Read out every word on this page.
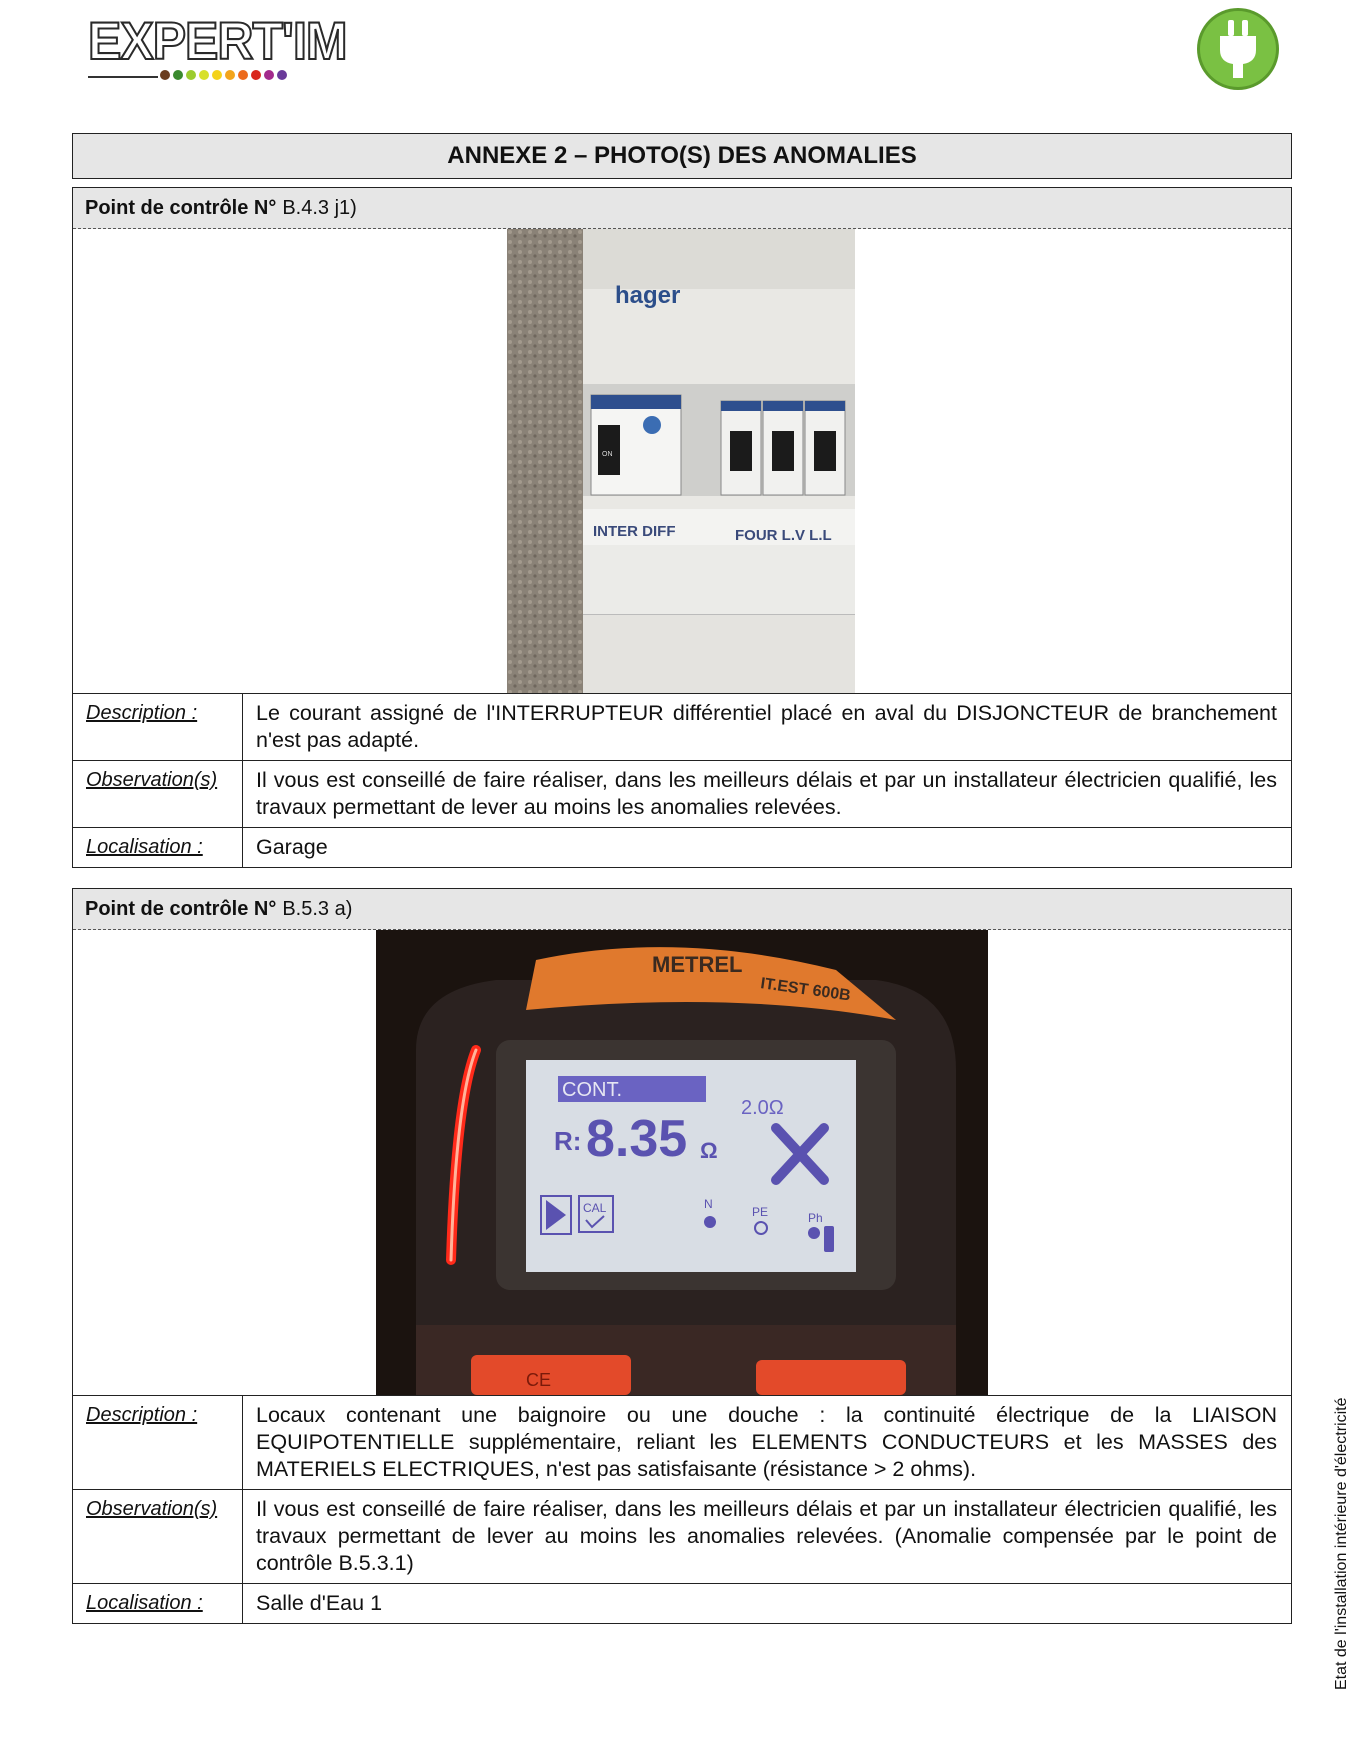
EXPERT'IM
ANNEXE 2 – PHOTO(S) DES ANOMALIES
Point de contrôle N° B.4.3 j1)
hager
ON
INTER DIFF	FOUR L.V L.L
Description :	Le courant assigné de l'INTERRUPTEUR différentiel placé en aval du DISJONCTEUR de branchement n'est pas adapté.
Observation(s)	Il vous est conseillé de faire réaliser, dans les meilleurs délais et par un installateur électricien qualifié, les travaux permettant de lever au moins les anomalies relevées.
Localisation :	Garage
Point de contrôle N° B.5.3 a)
METREL
IT.EST 600B
CONT.
2.0Ω
R: 8.35 Ω
CAL	N
PE	Ph
CE
Description :	Locaux contenant une baignoire ou une douche : la continuité électrique de la LIAISON EQUIPOTENTIELLE supplémentaire, reliant les ELEMENTS CONDUCTEURS et les MASSES des MATERIELS ELECTRIQUES, n'est pas satisfaisante (résistance > 2 ohms).
Observation(s)	Il vous est conseillé de faire réaliser, dans les meilleurs délais et par un installateur électricien qualifié, les travaux permettant de lever au moins les anomalies relevées. (Anomalie compensée par le point de contrôle B.5.3.1)
Localisation :	Salle d'Eau 1	Etat de l'installation intérieure d'électricité
